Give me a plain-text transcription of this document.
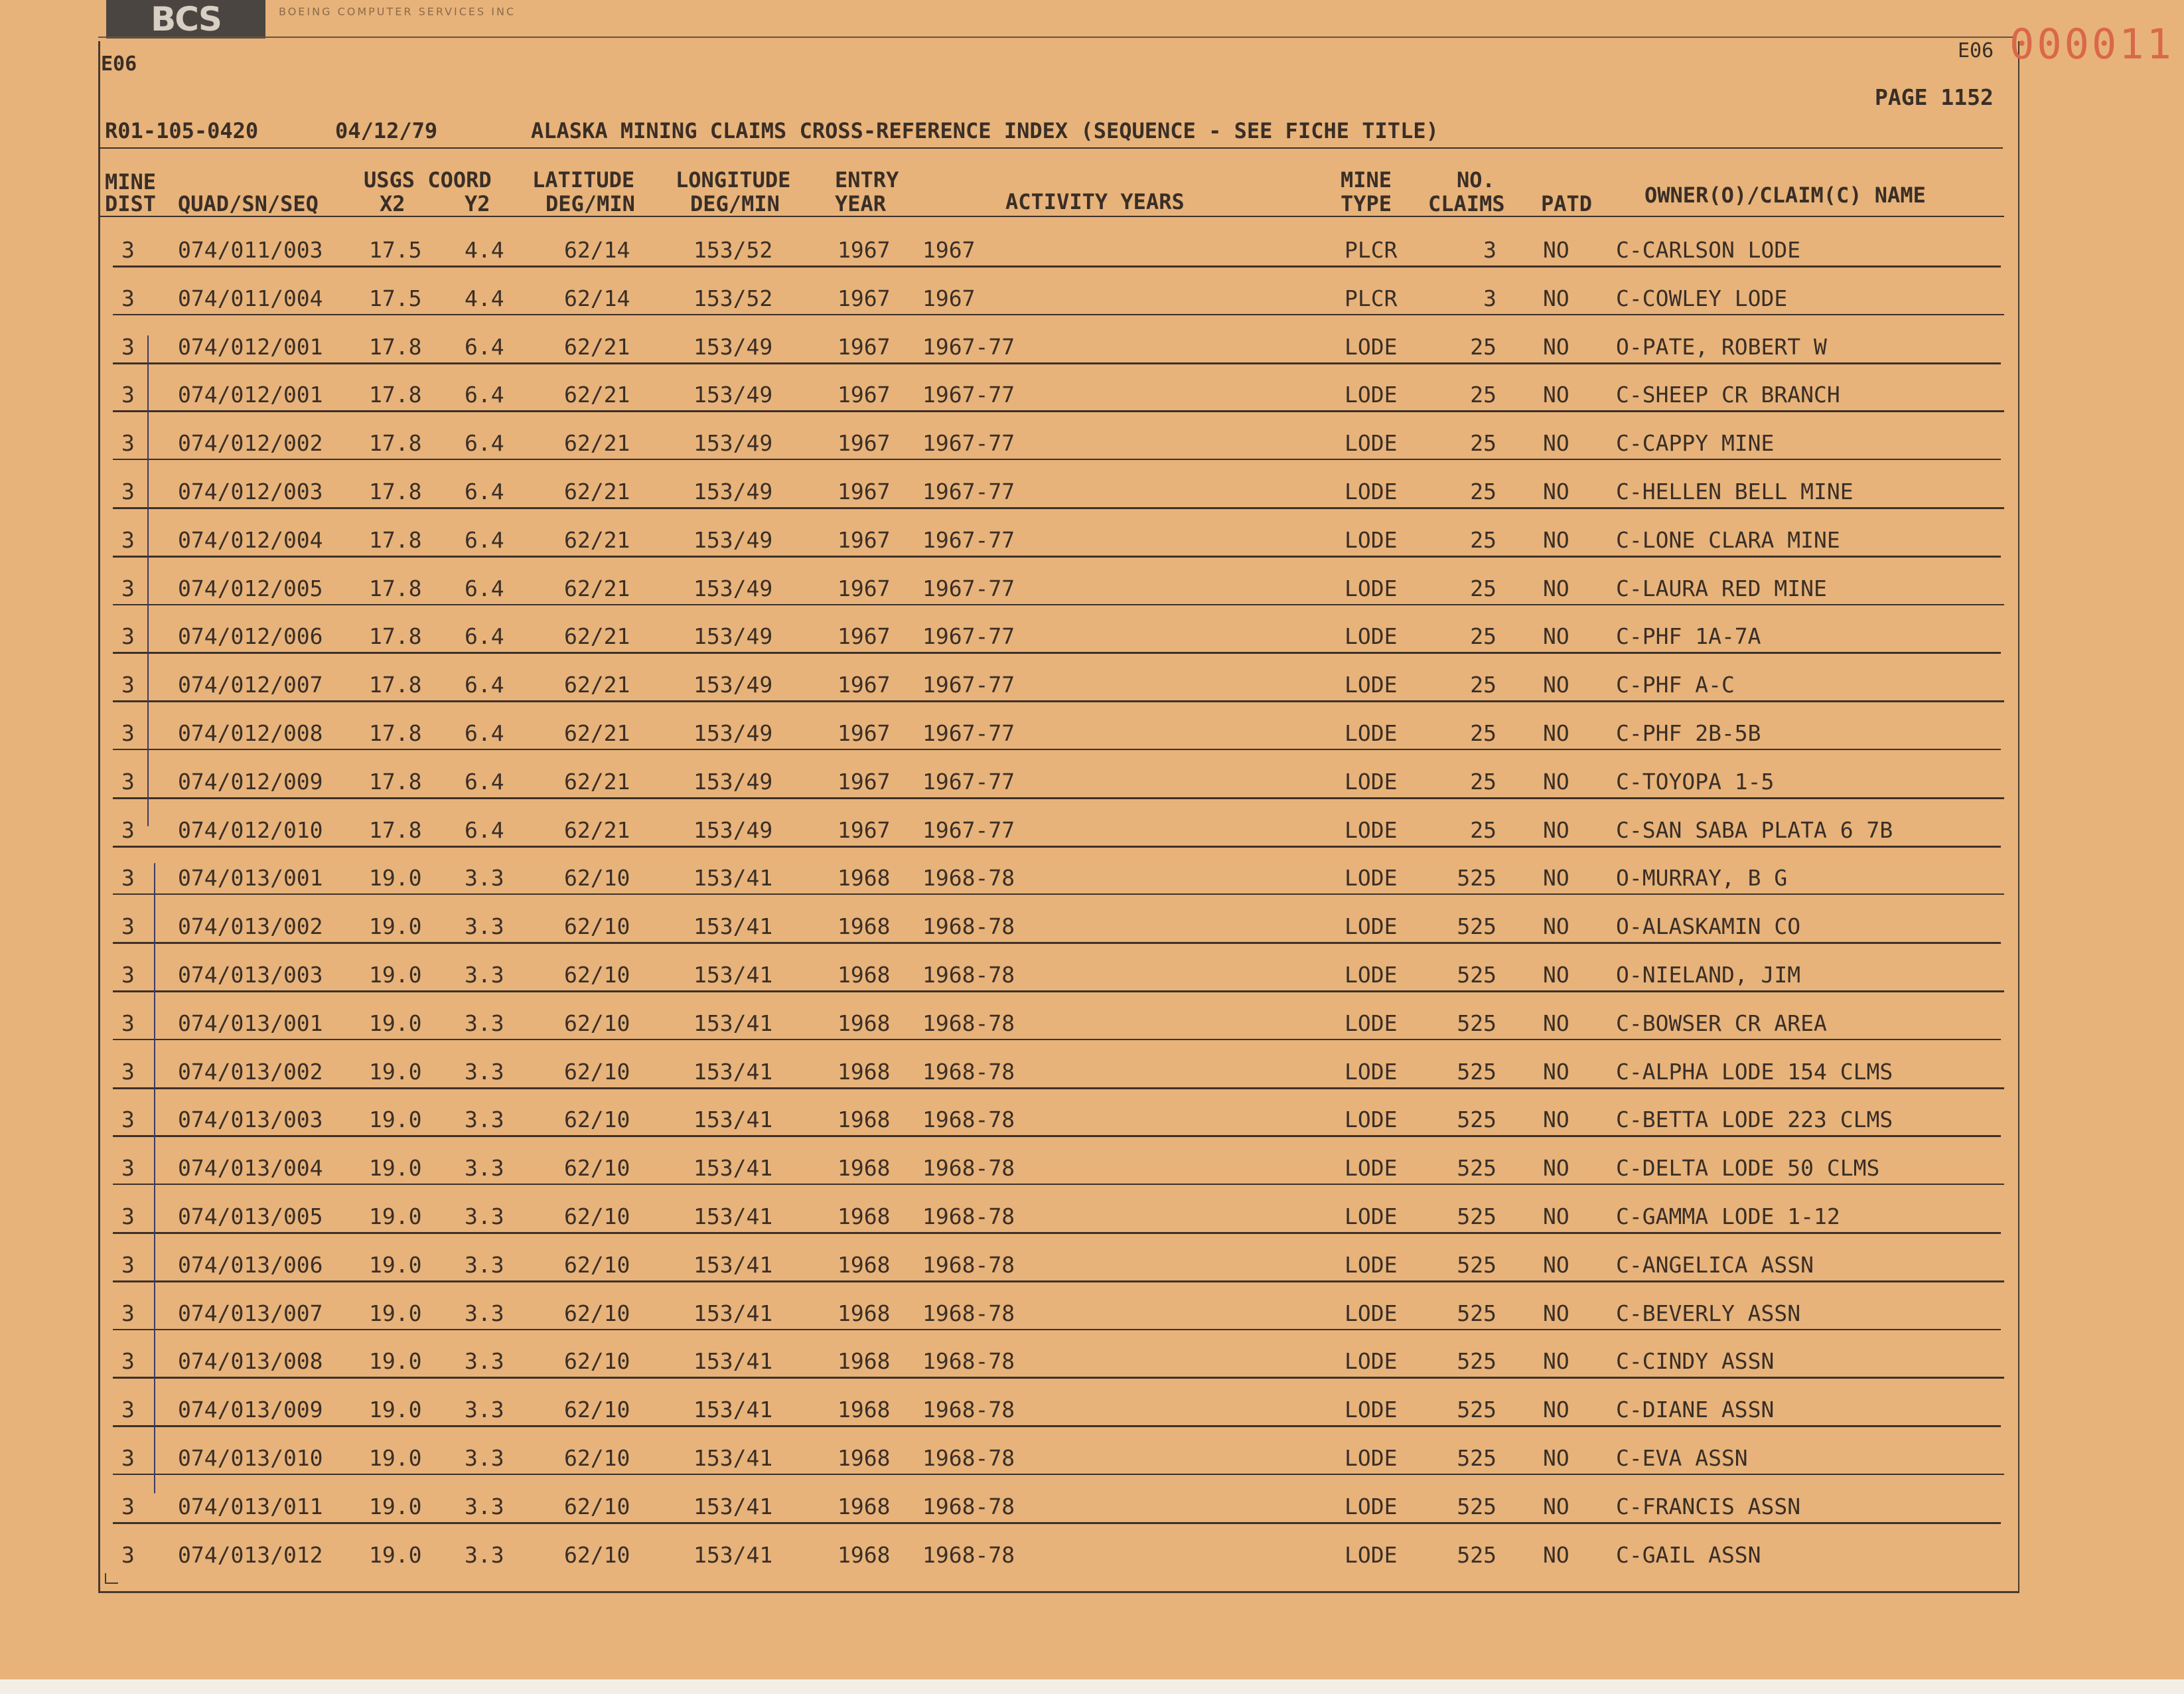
BCS	BOEING COMPUTER SERVICES INC
E06
E06 000011
PAGE 1152
R01-105-0420	04/12/79	ALASKA MINING CLAIMS CROSS-REFERENCE INDEX (SEQUENCE - SEE FICHE TITLE)
MINE
DIST QUAD/SN/SEQ
USGS COORD
X2	Y2
LATITUDE
DEG/MIN
LONGITUDE
DEG/MIN
ENTRY
YEAR	ACTIVITY YEARS
MINE
TYPE
NO.
CLAIMS PATD OWNER(O)/CLAIM(C) NAME
3 074/011/003 17.5 4.4	62/14	153/52	1967 1967	PLCR	3 NO C-CARLSON LODE
3 074/011/004 17.5 4.4	62/14	153/52	1967 1967	PLCR	3 NO C-COWLEY LODE
3 074/012/001 17.8 6.4	62/21	153/49	1967 1967-77	LODE	25 NO O-PATE, ROBERT W
3 074/012/001 17.8 6.4	62/21	153/49	1967 1967-77	LODE	25 NO C-SHEEP CR BRANCH
3 074/012/002 17.8 6.4	62/21	153/49	1967 1967-77	LODE	25 NO C-CAPPY MINE
3 074/012/003 17.8 6.4	62/21	153/49	1967 1967-77	LODE	25 NO C-HELLEN BELL MINE
3 074/012/004 17.8 6.4	62/21	153/49	1967 1967-77	LODE	25 NO C-LONE CLARA MINE
3 074/012/005 17.8 6.4	62/21	153/49	1967 1967-77	LODE	25 NO C-LAURA RED MINE
3 074/012/006 17.8 6.4	62/21	153/49	1967 1967-77	LODE	25 NO C-PHF 1A-7A
3 074/012/007 17.8 6.4	62/21	153/49	1967 1967-77	LODE	25 NO C-PHF A-C
3 074/012/008 17.8 6.4	62/21	153/49	1967 1967-77	LODE	25 NO C-PHF 2B-5B
3 074/012/009 17.8 6.4	62/21	153/49	1967 1967-77	LODE	25 NO C-TOYOPA 1-5
3 074/012/010 17.8 6.4	62/21	153/49	1967 1967-77	LODE	25 NO C-SAN SABA PLATA 6 7B
3 074/013/001 19.0 3.3	62/10	153/41	1968 1968-78	LODE	525 NO O-MURRAY, B G
3 074/013/002 19.0 3.3	62/10	153/41	1968 1968-78	LODE	525 NO O-ALASKAMIN CO
3 074/013/003 19.0 3.3	62/10	153/41	1968 1968-78	LODE	525 NO O-NIELAND, JIM
3 074/013/001 19.0 3.3	62/10	153/41	1968 1968-78	LODE	525 NO C-BOWSER CR AREA
3 074/013/002 19.0 3.3	62/10	153/41	1968 1968-78	LODE	525 NO C-ALPHA LODE 154 CLMS
3 074/013/003 19.0 3.3	62/10	153/41	1968 1968-78	LODE	525 NO C-BETTA LODE 223 CLMS
3 074/013/004 19.0 3.3	62/10	153/41	1968 1968-78	LODE	525 NO C-DELTA LODE 50 CLMS
3 074/013/005 19.0 3.3	62/10	153/41	1968 1968-78	LODE	525 NO C-GAMMA LODE 1-12
3 074/013/006 19.0 3.3	62/10	153/41	1968 1968-78	LODE	525 NO C-ANGELICA ASSN
3 074/013/007 19.0 3.3	62/10	153/41	1968 1968-78	LODE	525 NO C-BEVERLY ASSN
3 074/013/008 19.0 3.3	62/10	153/41	1968 1968-78	LODE	525 NO C-CINDY ASSN
3 074/013/009 19.0 3.3	62/10	153/41	1968 1968-78	LODE	525 NO C-DIANE ASSN
3 074/013/010 19.0 3.3	62/10	153/41	1968 1968-78	LODE	525 NO C-EVA ASSN
3 074/013/011 19.0 3.3	62/10	153/41	1968 1968-78	LODE	525 NO C-FRANCIS ASSN
3 074/013/012 19.0 3.3	62/10	153/41	1968 1968-78	LODE	525 NO C-GAIL ASSN
